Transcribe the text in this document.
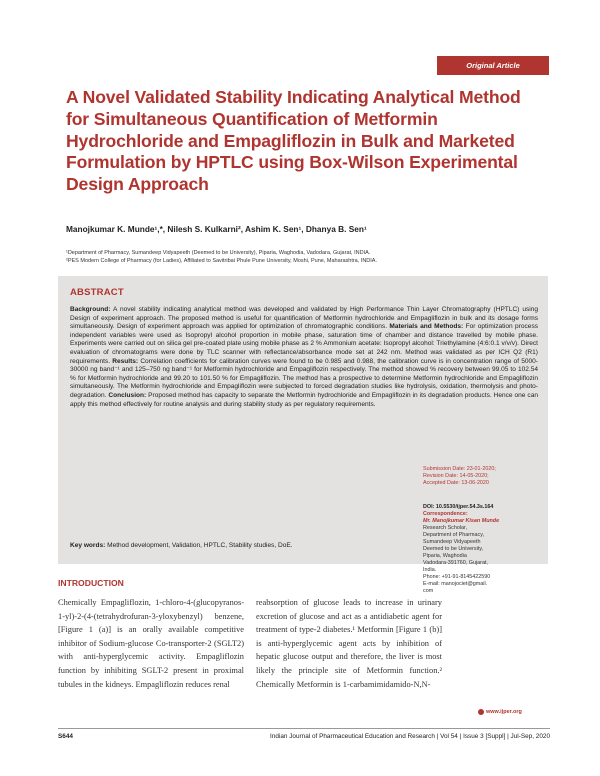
Original Article
A Novel Validated Stability Indicating Analytical Method for Simultaneous Quantification of Metformin Hydrochloride and Empagliflozin in Bulk and Marketed Formulation by HPTLC using Box-Wilson Experimental Design Approach
Manojkumar K. Munde¹,*, Nilesh S. Kulkarni², Ashim K. Sen¹, Dhanya B. Sen¹
¹Department of Pharmacy, Sumandeep Vidyapeeth (Deemed to be University), Piparia, Waghodia, Vadodara, Gujarat, INDIA.
²PES Modern College of Pharmacy (for Ladies), Affiliated to Savitribai Phule Pune University, Moshi, Pune, Maharashtra, INDIA.
ABSTRACT

Background: A novel stability indicating analytical method was developed and validated by High Performance Thin Layer Chromatography (HPTLC) using Design of experiment approach. The proposed method is useful for quantification of Metformin hydrochloride and Empagliflozin in bulk and its dosage forms simultaneously. Design of experiment approach was applied for optimization of chromatographic conditions. Materials and Methods: For optimization process independent variables were used as Isopropyl alcohol proportion in mobile phase, saturation time of chamber and distance travelled by mobile phase. Experiments were carried out on silica gel pre-coated plate using mobile phase as 2 % Ammonium acetate: Isopropyl alcohol: Triethylamine (4:6:0.1 v/v/v). Direct evaluation of chromatograms were done by TLC scanner with reflectance/absorbance mode set at 242 nm. Method was validated as per ICH Q2 (R1) requirements. Results: Correlation coefficients for calibration curves were found to be 0.985 and 0.988, the calibration curve is in concentration range of 5000-30000 ng band⁻¹ and 125–750 ng band⁻¹ for Metformin hydrochloride and Empagliflozin respectively. The method showed % recovery between 99.05 to 102.54 % for Metformin hydrochloride and 99.20 to 101.50 % for Empagliflozin. The method has a prospective to determine Metformin hydrochloride and Empagliflozin simultaneously. The Metformin hydrochloride and Empagliflozin were subjected to forced degradation studies like hydrolysis, oxidation, thermolysis and photo-degradation. Conclusion: Proposed method has capacity to separate the Metformin hydrochloride and Empagliflozin in its degradation products. Hence one can apply this method effectively for routine analysis and during stability study as per regulatory requirements.

Key words: Method development, Validation, HPTLC, Stability studies, DoE.

Submission Date: 23-01-2020;
Revision Date: 14-05-2020;
Accepted Date: 13-06-2020
DOI: 10.5530/ijper.54.3s.164
Correspondence:
Mr. Manojkumar Kisan Munde
Research Scholar,
Department of Pharmacy,
Sumandeep Vidyapeeth
Deemed to be University,
Piparia, Waghodia
Vadodara-391760, Gujarat,
India.
Phone: +91-91-8145422590
E-mail: manojociet@gmail.
com
INTRODUCTION

Chemically Empagliflozin, 1-chloro-4-(glucopyranos-1-yl)-2-(4-(tetrahydrofuran-3-yloxybenzyl) benzene, [Figure 1 (a)] is an orally available competitive inhibitor of Sodium-glucose Co-transporter-2 (SGLT2) with anti-hyperglycemic activity. Empagliflozin function by inhibiting SGLT-2 present in proximal tubules in the kidneys. Empagliflozin reduces renal

reabsorption of glucose leads to increase in urinary excretion of glucose and act as a antidiabetic agent for treatment of type-2 diabetes.¹ Metformin [Figure 1 (b)] is anti-hyperglycemic agent acts by inhibition of hepatic glucose output and therefore, the liver is most likely the principle site of Metformin function.² Chemically Metformin is 1-carbamimidamido-N,N-

www.ijper.org
S644	Indian Journal of Pharmaceutical Education and Research | Vol 54 | Issue 3 [Suppl] | Jul-Sep, 2020
